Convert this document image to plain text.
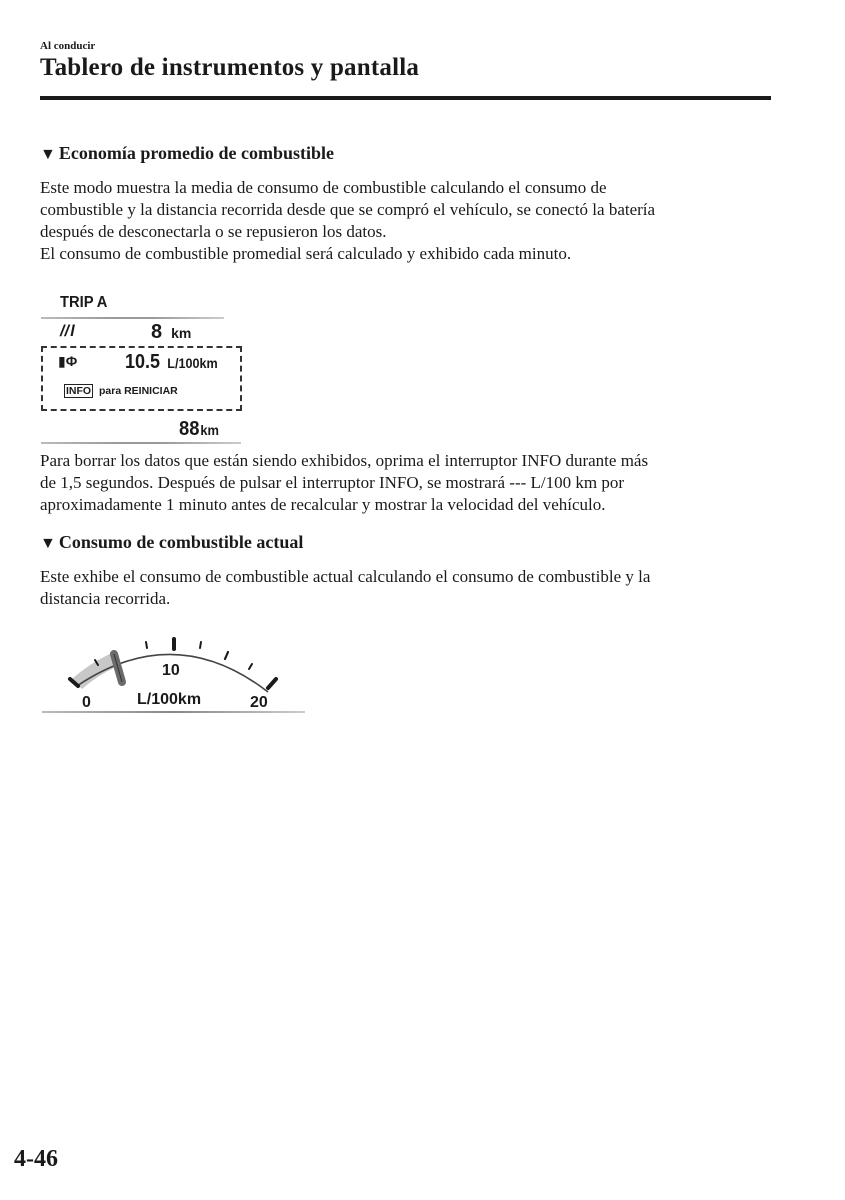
Al conducir
Tablero de instrumentos y pantalla
▼ Economía promedio de combustible

Este modo muestra la media de consumo de combustible calculando el consumo de

combustible y la distancia recorrida desde que se compró el vehículo, se conectó la batería

después de desconectarla o se repusieron los datos.

El consumo de combustible promedial será calculado y exhibido cada minuto.

TRIP A
// l	8 km
▮Φ 10.5 L/100km
INFO para REINICIAR
88km

Para borrar los datos que están siendo exhibidos, oprima el interruptor INFO durante más

de 1,5 segundos. Después de pulsar el interruptor INFO, se mostrará --- L/100 km por

aproximadamente 1 minuto antes de recalcular y mostrar la velocidad del vehículo.

▼ Consumo de combustible actual

Este exhibe el consumo de combustible actual calculando el consumo de combustible y la

distancia recorrida.

0
10
20
L/100km
4-46
